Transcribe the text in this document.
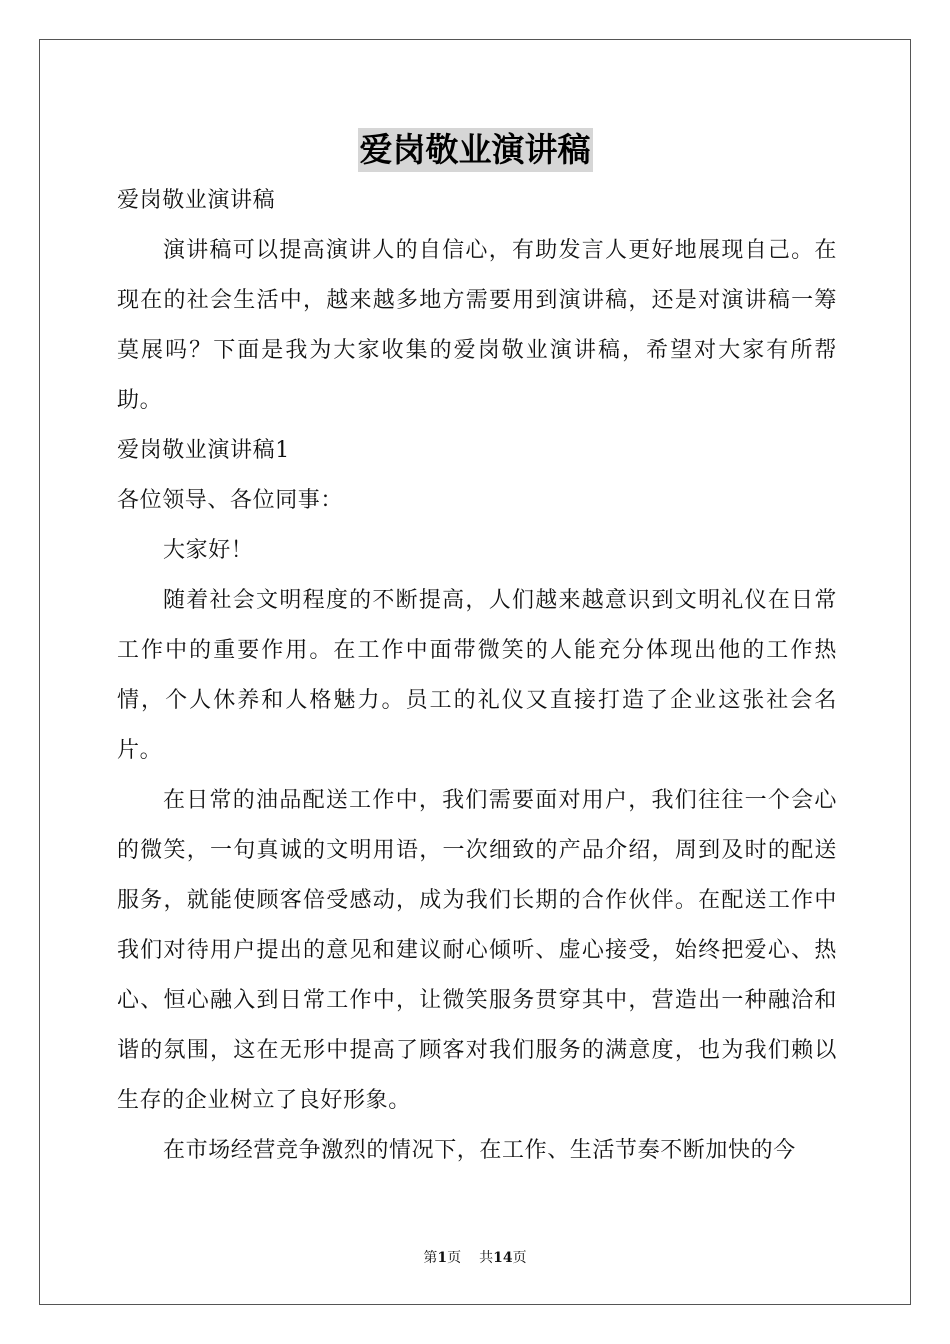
爱岗敬业演讲稿

爱岗敬业演讲稿

演讲稿可以提高演讲人的自信心，有助发言人更好地展现自己。在现在的社会生活中，越来越多地方需要用到演讲稿，还是对演讲稿一筹莫展吗？下面是我为大家收集的爱岗敬业演讲稿，希望对大家有所帮助。

爱岗敬业演讲稿1

各位领导、各位同事：

大家好！

随着社会文明程度的不断提高，人们越来越意识到文明礼仪在日常工作中的重要作用。在工作中面带微笑的人能充分体现出他的工作热情，个人休养和人格魅力。员工的礼仪又直接打造了企业这张社会名片。

在日常的油品配送工作中，我们需要面对用户，我们往往一个会心的微笑，一句真诚的文明用语，一次细致的产品介绍，周到及时的配送服务，就能使顾客倍受感动，成为我们长期的合作伙伴。在配送工作中我们对待用户提出的意见和建议耐心倾听、虚心接受，始终把爱心、热心、恒心融入到日常工作中，让微笑服务贯穿其中，营造出一种融洽和谐的氛围，这在无形中提高了顾客对我们服务的满意度，也为我们赖以生存的企业树立了良好形象。

在市场经营竞争激烈的情况下，在工作、生活节奏不断加快的今

第1页 共14页
